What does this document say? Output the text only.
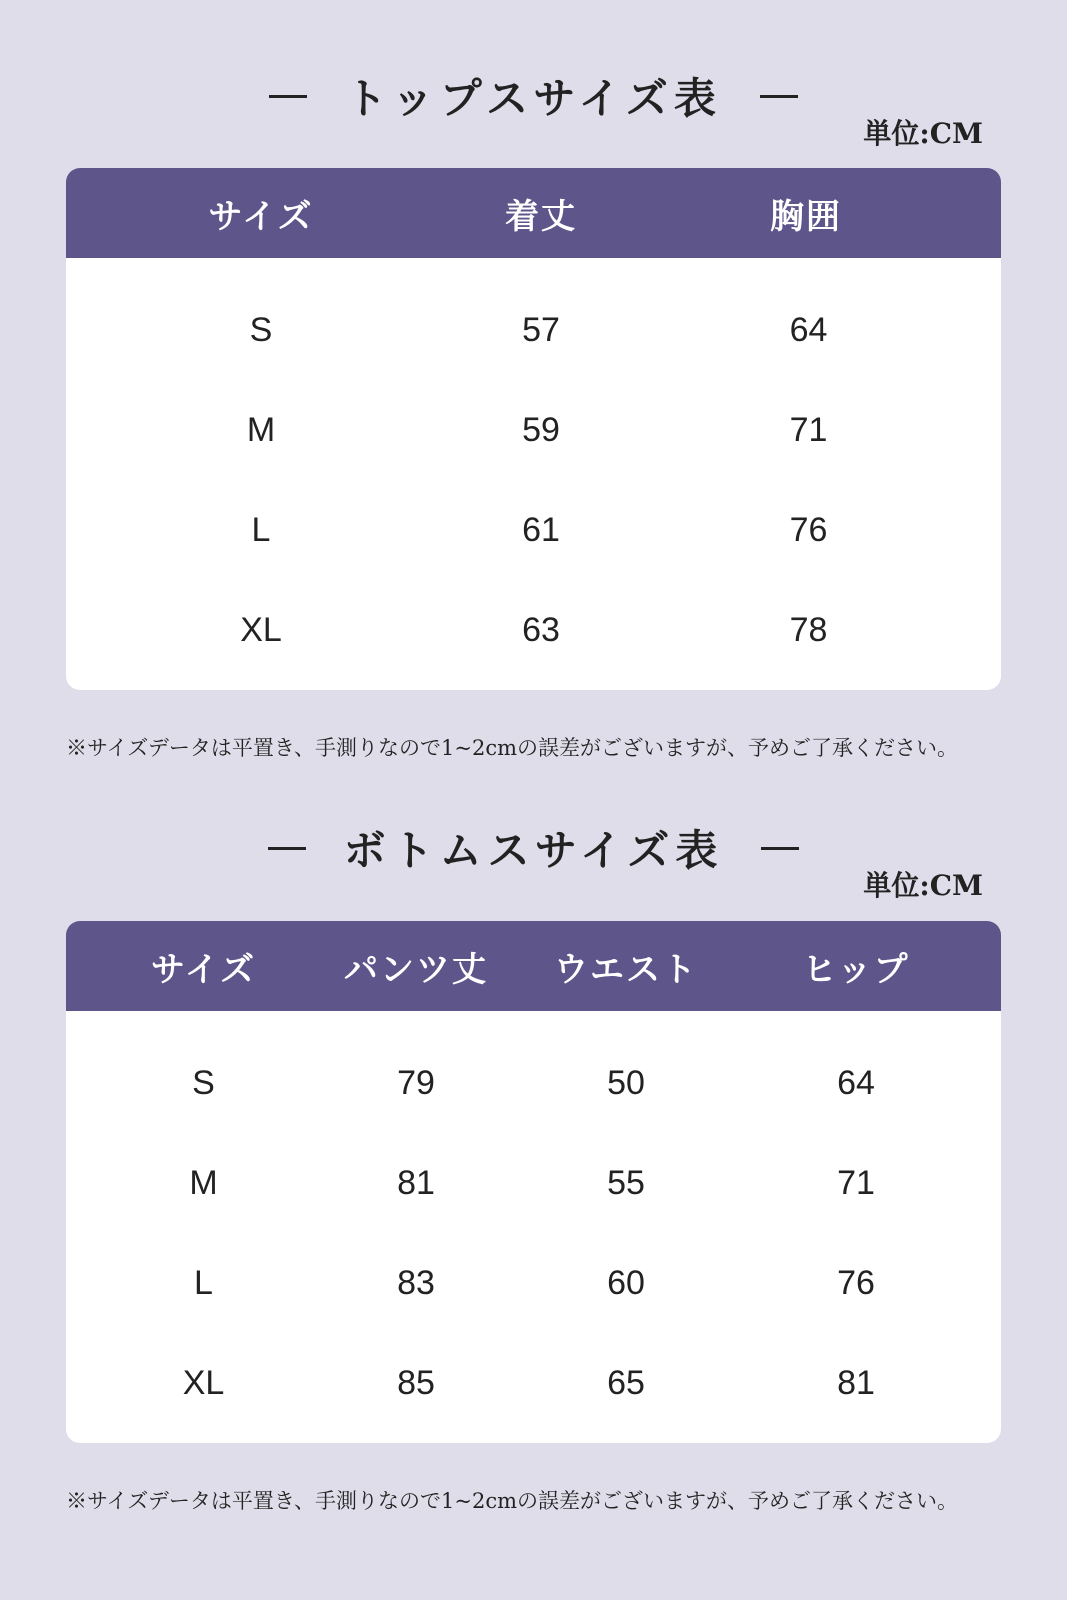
トップスサイズ表
単位:CM
サイズ	着丈	胸囲
S	57	64
M	59	71
L	61	76
XL	63	78
※サイズデータは平置き、手測りなので1~2cmの誤差がございますが、予めご了承ください。
ボトムスサイズ表
単位:CM
サイズ	パンツ丈	ウエスト	ヒップ
S	79	50	64
M	81	55	71
L	83	60	76
XL	85	65	81
※サイズデータは平置き、手測りなので1~2cmの誤差がございますが、予めご了承ください。
